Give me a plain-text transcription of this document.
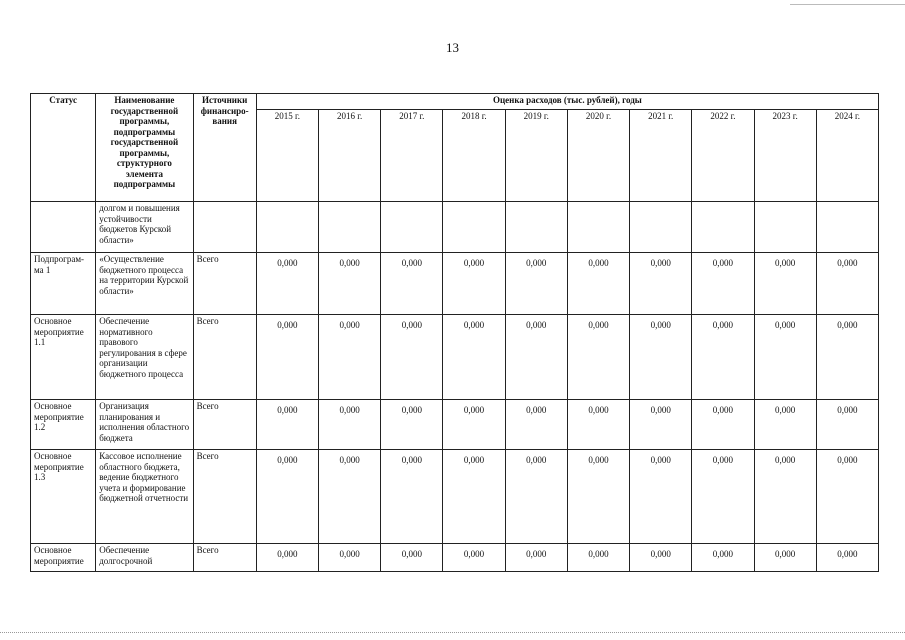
13
Статус	Наименование государственной программы, подпрограммы государственной программы, структурного элемента подпрограммы	Источники финансиро-вания	Оценка расходов (тыс. рублей), годы									
			2015 г.	2016 г.	2017 г.	2018 г.	2019 г.	2020 г.	2021 г.	2022 г.	2023 г.	2024 г.
	долгом и повышения устойчивости бюджетов Курской области»											
Подпрограм-ма 1	«Осуществление бюджетного процесса на территории Курской области»	Всего	0,000	0,000	0,000	0,000	0,000	0,000	0,000	0,000	0,000	0,000
Основное мероприятие 1.1	Обеспечение нормативного правового регулирования в сфере организации бюджетного процесса	Всего	0,000	0,000	0,000	0,000	0,000	0,000	0,000	0,000	0,000	0,000
Основное мероприятие 1.2	Организация планирования и исполнения областного бюджета	Всего	0,000	0,000	0,000	0,000	0,000	0,000	0,000	0,000	0,000	0,000
Основное мероприятие 1.3	Кассовое исполнение областного бюджета, ведение бюджетного учета и формирование бюджетной отчетности	Всего	0,000	0,000	0,000	0,000	0,000	0,000	0,000	0,000	0,000	0,000
Основное мероприятие	Обеспечение долгосрочной	Всего	0,000	0,000	0,000	0,000	0,000	0,000	0,000	0,000	0,000	0,000
